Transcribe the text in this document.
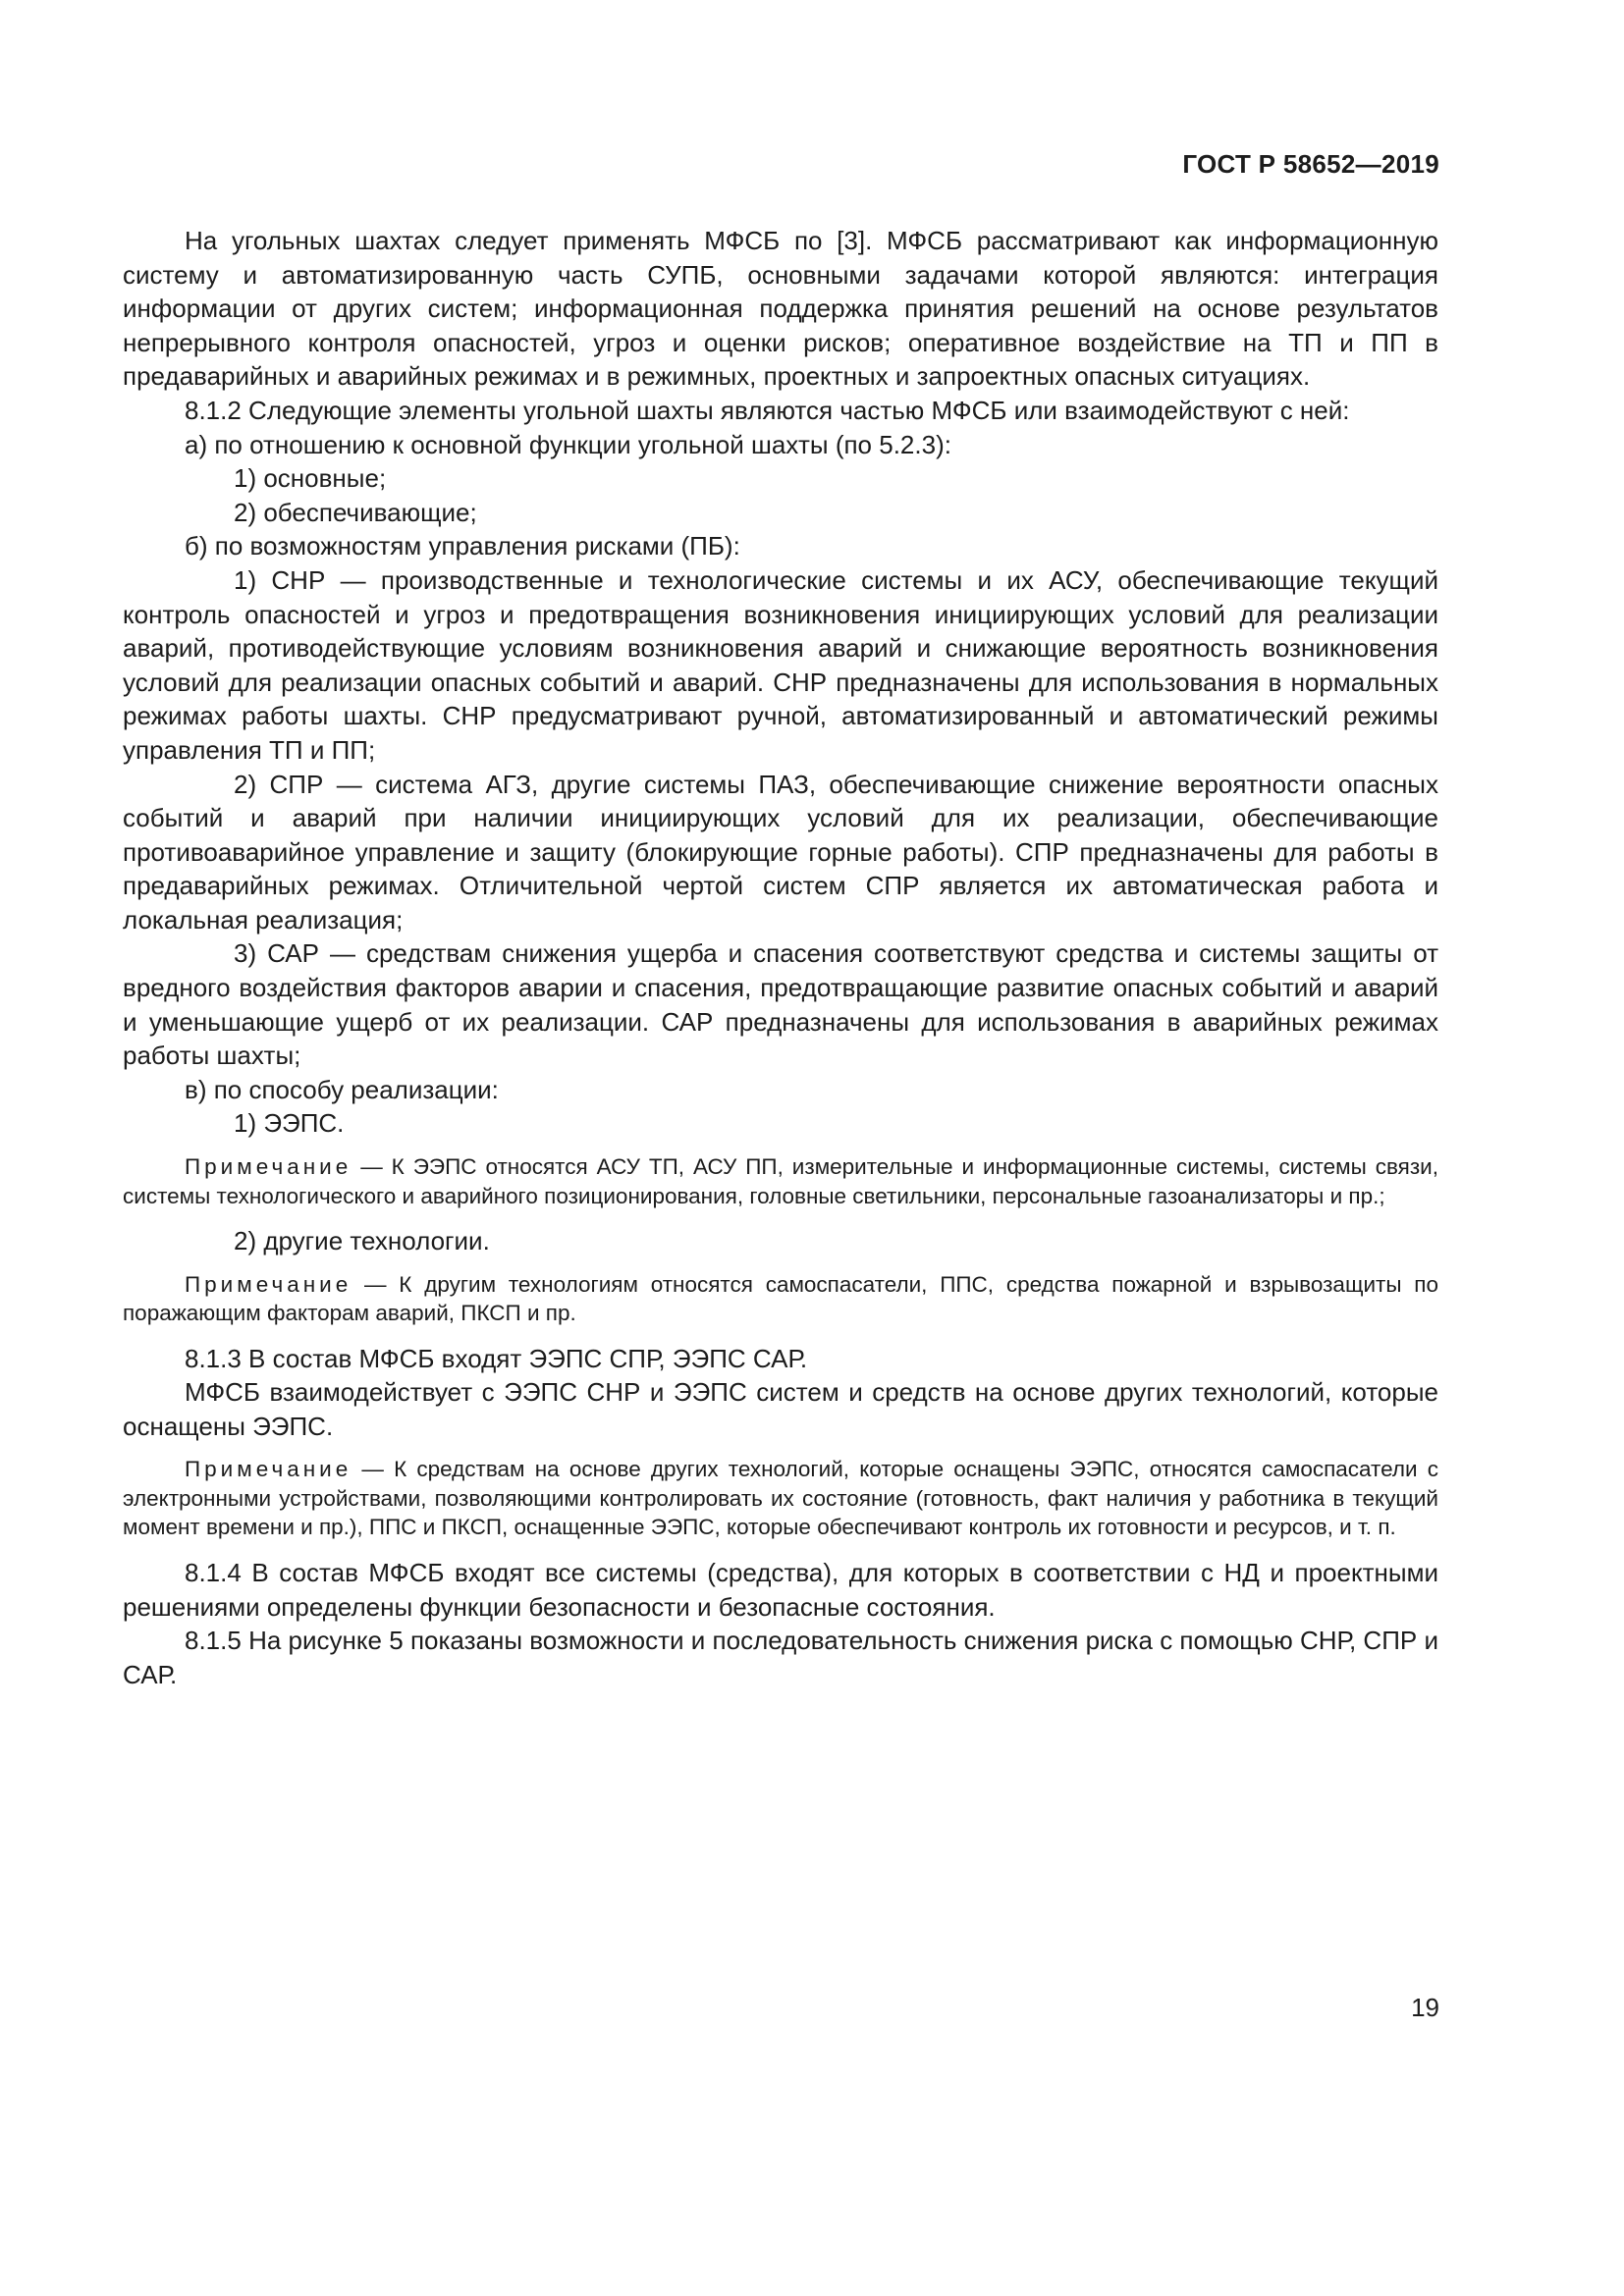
ГОСТ Р 58652—2019

На угольных шахтах следует применять МФСБ по [3]. МФСБ рассматривают как информационную систему и автоматизированную часть СУПБ, основными задачами которой являются: интеграция информации от других систем; информационная поддержка принятия решений на основе результатов непрерывного контроля опасностей, угроз и оценки рисков; оперативное воздействие на ТП и ПП в предаварийных и аварийных режимах и в режимных, проектных и запроектных опасных ситуациях.

8.1.2 Следующие элементы угольной шахты являются частью МФСБ или взаимодействуют с ней:

а) по отношению к основной функции угольной шахты (по 5.2.3):

1) основные;

2) обеспечивающие;

б) по возможностям управления рисками (ПБ):

1) СНР — производственные и технологические системы и их АСУ, обеспечивающие текущий контроль опасностей и угроз и предотвращения возникновения инициирующих условий для реализации аварий, противодействующие условиям возникновения аварий и снижающие вероятность возникновения условий для реализации опасных событий и аварий. СНР предназначены для использования в нормальных режимах работы шахты. СНР предусматривают ручной, автоматизированный и автоматический режимы управления ТП и ПП;

2) СПР — система АГЗ, другие системы ПАЗ, обеспечивающие снижение вероятности опасных событий и аварий при наличии инициирующих условий для их реализации, обеспечивающие противоаварийное управление и защиту (блокирующие горные работы). СПР предназначены для работы в предаварийных режимах. Отличительной чертой систем СПР является их автоматическая работа и локальная реализация;

3) САР — средствам снижения ущерба и спасения соответствуют средства и системы защиты от вредного воздействия факторов аварии и спасения, предотвращающие развитие опасных событий и аварий и уменьшающие ущерб от их реализации. САР предназначены для использования в аварийных режимах работы шахты;

в) по способу реализации:

1) ЭЭПС.

Примечание — К ЭЭПС относятся АСУ ТП, АСУ ПП, измерительные и информационные системы, системы связи, системы технологического и аварийного позиционирования, головные светильники, персональные газоанализаторы и пр.;

2) другие технологии.

Примечание — К другим технологиям относятся самоспасатели, ППС, средства пожарной и взрывозащиты по поражающим факторам аварий, ПКСП и пр.

8.1.3 В состав МФСБ входят ЭЭПС СПР, ЭЭПС САР.

МФСБ взаимодействует с ЭЭПС СНР и ЭЭПС систем и средств на основе других технологий, которые оснащены ЭЭПС.

Примечание — К средствам на основе других технологий, которые оснащены ЭЭПС, относятся самоспасатели с электронными устройствами, позволяющими контролировать их состояние (готовность, факт наличия у работника в текущий момент времени и пр.), ППС и ПКСП, оснащенные ЭЭПС, которые обеспечивают контроль их готовности и ресурсов, и т. п.

8.1.4 В состав МФСБ входят все системы (средства), для которых в соответствии с НД и проектными решениями определены функции безопасности и безопасные состояния.

8.1.5 На рисунке 5 показаны возможности и последовательность снижения риска с помощью СНР, СПР и САР.

19
